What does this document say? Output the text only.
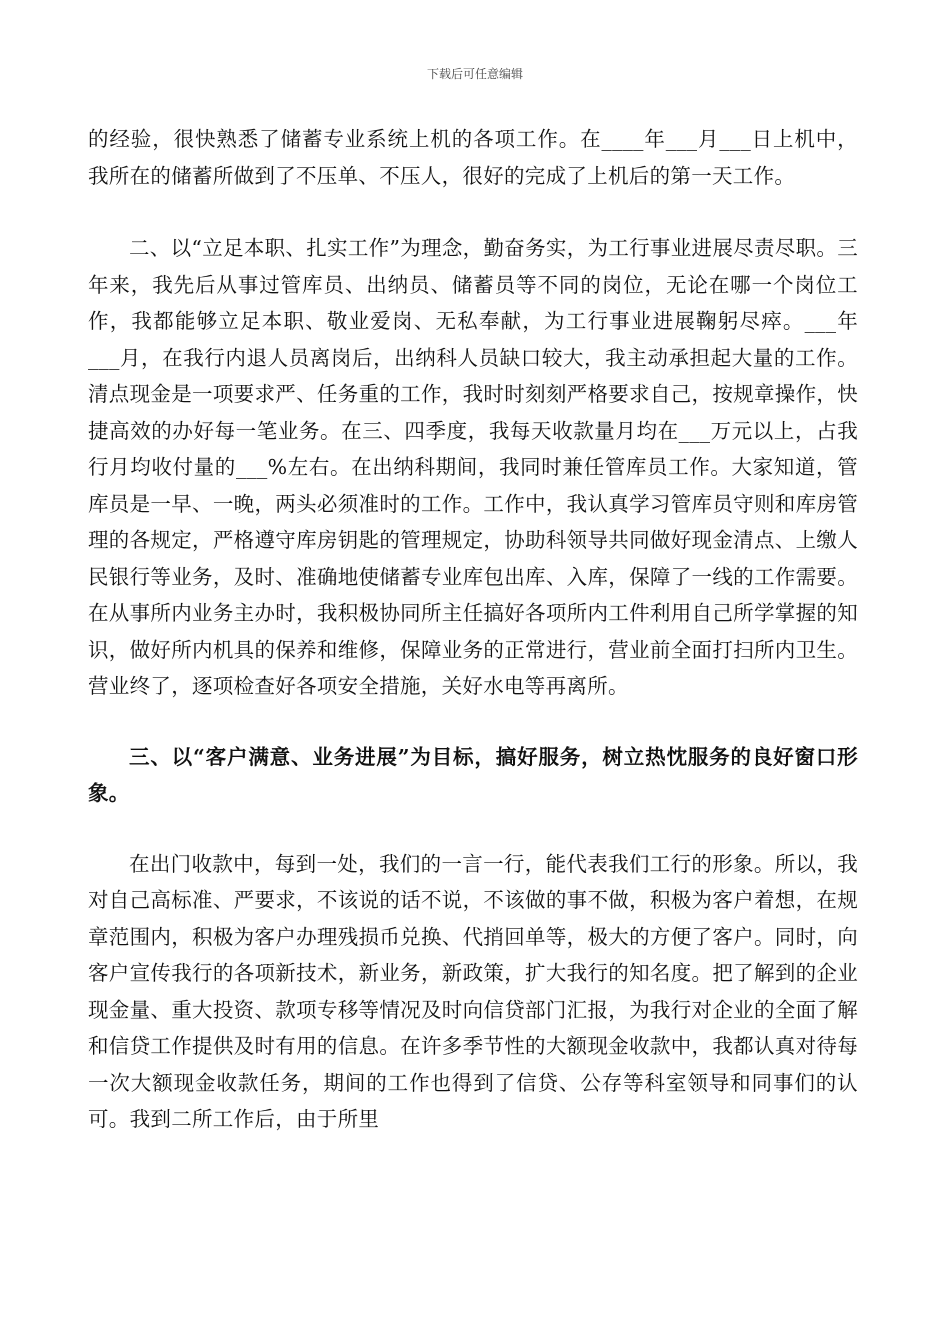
下载后可任意编辑

的经验，很快熟悉了储蓄专业系统上机的各项工作。在____年___月___日上机中，我所在的储蓄所做到了不压单、不压人，很好的完成了上机后的第一天工作。

二、以“立足本职、扎实工作”为理念，勤奋务实，为工行事业进展尽责尽职。三年来，我先后从事过管库员、出纳员、储蓄员等不同的岗位，无论在哪一个岗位工作，我都能够立足本职、敬业爱岗、无私奉献，为工行事业进展鞠躬尽瘁。___年___月，在我行内退人员离岗后，出纳科人员缺口较大，我主动承担起大量的工作。清点现金是一项要求严、任务重的工作，我时时刻刻严格要求自己，按规章操作，快捷高效的办好每一笔业务。在三、四季度，我每天收款量月均在___万元以上，占我行月均收付量的___%左右。在出纳科期间，我同时兼任管库员工作。大家知道，管库员是一早、一晚，两头必须准时的工作。工作中，我认真学习管库员守则和库房管理的各规定，严格遵守库房钥匙的管理规定，协助科领导共同做好现金清点、上缴人民银行等业务，及时、准确地使储蓄专业库包出库、入库，保障了一线的工作需要。在从事所内业务主办时，我积极协同所主任搞好各项所内工件利用自己所学掌握的知识，做好所内机具的保养和维修，保障业务的正常进行，营业前全面打扫所内卫生。营业终了，逐项检查好各项安全措施，关好水电等再离所。

三、以“客户满意、业务进展”为目标，搞好服务，树立热忱服务的良好窗口形象。

在出门收款中，每到一处，我们的一言一行，能代表我们工行的形象。所以，我对自己高标准、严要求，不该说的话不说，不该做的事不做，积极为客户着想，在规章范围内，积极为客户办理残损币兑换、代捎回单等，极大的方便了客户。同时，向客户宣传我行的各项新技术，新业务，新政策，扩大我行的知名度。把了解到的企业现金量、重大投资、款项专移等情况及时向信贷部门汇报，为我行对企业的全面了解和信贷工作提供及时有用的信息。在许多季节性的大额现金收款中，我都认真对待每一次大额现金收款任务，期间的工作也得到了信贷、公存等科室领导和同事们的认可。我到二所工作后，由于所里
